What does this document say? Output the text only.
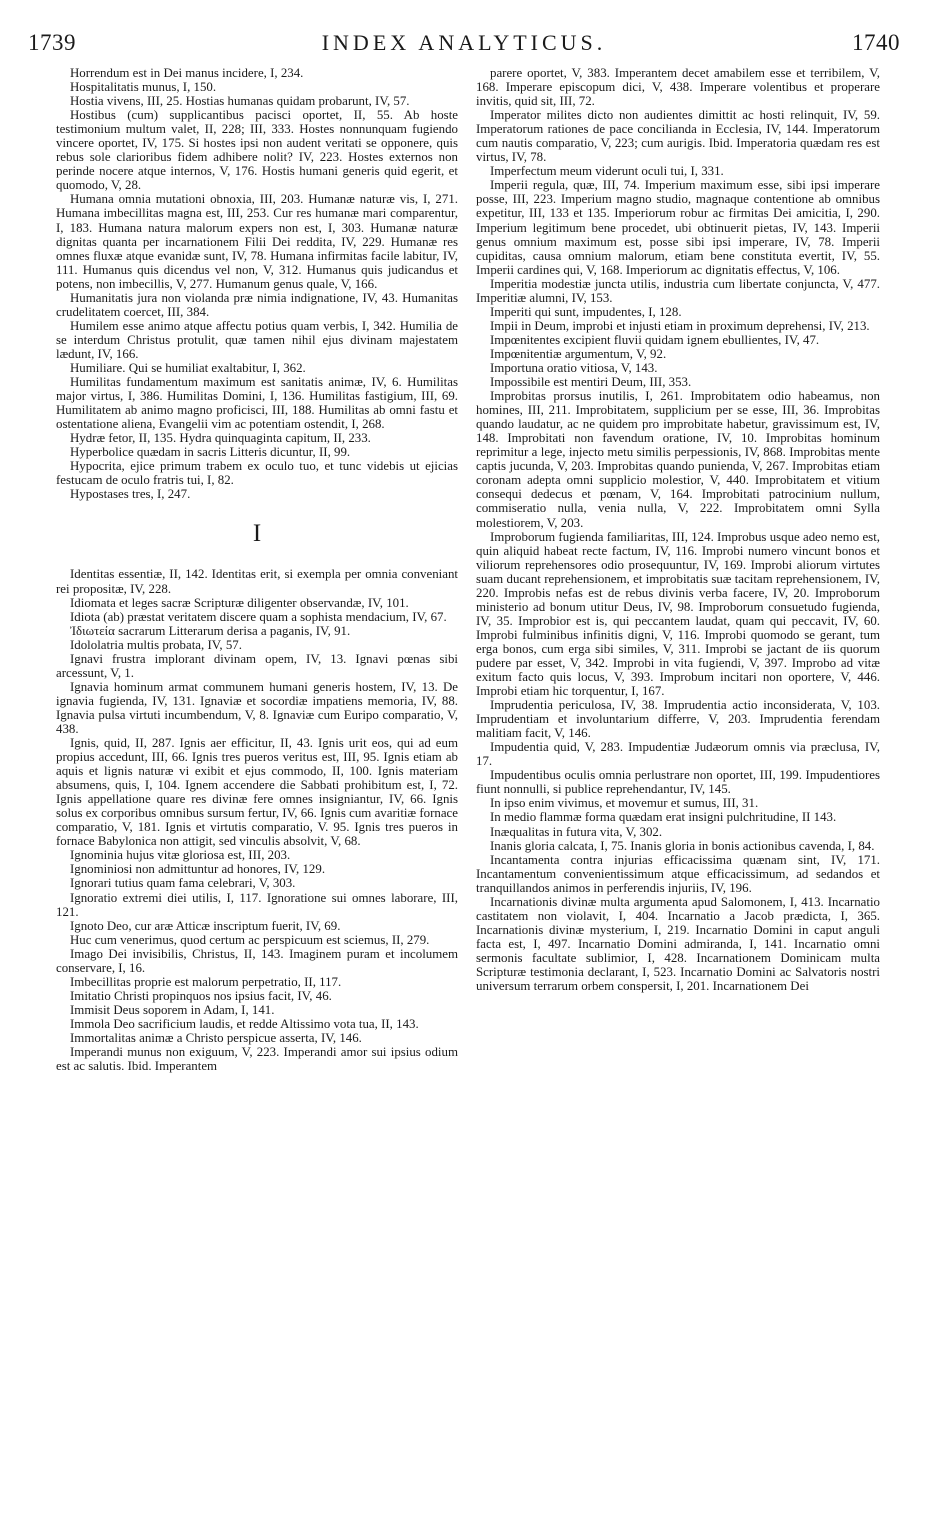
1739	INDEX ANALYTICUS.	1740

Horrendum est in Dei manus incidere, I, 234.

Hospitalitatis munus, I, 150.

Hostia vivens, III, 25. Hostias humanas quidam probarunt, IV, 57.

Hostibus (cum) supplicantibus pacisci oportet, II, 55. Ab hoste testimonium multum valet, II, 228; III, 333. Hostes nonnunquam fugiendo vincere oportet, IV, 175. Si hostes ipsi non audent veritati se opponere, quis rebus sole clarioribus fidem adhibere nolit? IV, 223. Hostes externos non perinde nocere atque internos, V, 176. Hostis humani generis quid egerit, et quomodo, V, 28.

Humana omnia mutationi obnoxia, III, 203. Humanæ naturæ vis, I, 271. Humana imbecillitas magna est, III, 253. Cur res humanæ mari comparentur, I, 183. Humana natura malorum expers non est, I, 303. Humanæ naturæ dignitas quanta per incarnationem Filii Dei reddita, IV, 229. Humanæ res omnes fluxæ atque evanidæ sunt, IV, 78. Humana infirmitas facile labitur, IV, 111. Humanus quis dicendus vel non, V, 312. Humanus quis judicandus et potens, non imbecillis, V, 277. Humanum genus quale, V, 166.

Humanitatis jura non violanda præ nimia indignatione, IV, 43. Humanitas crudelitatem coercet, III, 384.

Humilem esse animo atque affectu potius quam verbis, I, 342. Humilia de se interdum Christus protulit, quæ tamen nihil ejus divinam majestatem lædunt, IV, 166.

Humiliare. Qui se humiliat exaltabitur, I, 362.

Humilitas fundamentum maximum est sanitatis animæ, IV, 6. Humilitas major virtus, I, 386. Humilitas Domini, I, 136. Humilitas fastigium, III, 69. Humilitatem ab animo magno proficisci, III, 188. Humilitas ab omni fastu et ostentatione aliena, Evangelii vim ac potentiam ostendit, I, 268.

Hydræ fetor, II, 135. Hydra quinquaginta capitum, II, 233.

Hyperbolice quædam in sacris Litteris dicuntur, II, 99.

Hypocrita, ejice primum trabem ex oculo tuo, et tunc videbis ut ejicias festucam de oculo fratris tui, I, 82.

Hypostases tres, I, 247.

I

Identitas essentiæ, II, 142. Identitas erit, si exempla per omnia conveniant rei propositæ, IV, 228.

Idiomata et leges sacræ Scripturæ diligenter observandæ, IV, 101.

Idiota (ab) præstat veritatem discere quam a sophista mendacium, IV, 67.

Ἰδιωτεία sacrarum Litterarum derisa a paganis, IV, 91.

Idololatria multis probata, IV, 57.

Ignavi frustra implorant divinam opem, IV, 13. Ignavi pœnas sibi arcessunt, V, 1.

Ignavia hominum armat communem humani generis hostem, IV, 13. De ignavia fugienda, IV, 131. Ignaviæ et socordiæ impatiens memoria, IV, 88. Ignavia pulsa virtuti incumbendum, V, 8. Ignaviæ cum Euripo comparatio, V, 438.

Ignis, quid, II, 287. Ignis aer efficitur, II, 43. Ignis urit eos, qui ad eum propius accedunt, III, 66. Ignis tres pueros veritus est, III, 95. Ignis etiam ab aquis et lignis naturæ vi exibit et ejus commodo, II, 100. Ignis materiam absumens, quis, I, 104. Ignem accendere die Sabbati prohibitum est, I, 72. Ignis appellatione quare res divinæ fere omnes insigniantur, IV, 66. Ignis solus ex corporibus omnibus sursum fertur, IV, 66. Ignis cum avaritiæ fornace comparatio, V, 181. Ignis et virtutis comparatio, V. 95. Ignis tres pueros in fornace Babylonica non attigit, sed vinculis absolvit, V, 68.

Ignominia hujus vitæ gloriosa est, III, 203.

Ignominiosi non admittuntur ad honores, IV, 129.

Ignorari tutius quam fama celebrari, V, 303.

Ignoratio extremi diei utilis, I, 117. Ignoratione sui omnes laborare, III, 121.

Ignoto Deo, cur aræ Atticæ inscriptum fuerit, IV, 69.

Huc cum venerimus, quod certum ac perspicuum est sciemus, II, 279.

Imago Dei invisibilis, Christus, II, 143. Imaginem puram et incolumem conservare, I, 16.

Imbecillitas proprie est malorum perpetratio, II, 117.

Imitatio Christi propinquos nos ipsius facit, IV, 46.

Immisit Deus soporem in Adam, I, 141.

Immola Deo sacrificium laudis, et redde Altissimo vota tua, II, 143.

Immortalitas animæ a Christo perspicue asserta, IV, 146.

Imperandi munus non exiguum, V, 223. Imperandi amor sui ipsius odium est ac salutis. Ibid. Imperantem

parere oportet, V, 383. Imperantem decet amabilem esse et terribilem, V, 168. Imperare episcopum dici, V, 438. Imperare volentibus et properare invitis, quid sit, III, 72.

Imperator milites dicto non audientes dimittit ac hosti relinquit, IV, 59. Imperatorum rationes de pace concilianda in Ecclesia, IV, 144. Imperatorum cum nautis comparatio, V, 223; cum aurigis. Ibid. Imperatoria quædam res est virtus, IV, 78.

Imperfectum meum viderunt oculi tui, I, 331.

Imperii regula, quæ, III, 74. Imperium maximum esse, sibi ipsi imperare posse, III, 223. Imperium magno studio, magnaque contentione ab omnibus expetitur, III, 133 et 135. Imperiorum robur ac firmitas Dei amicitia, I, 290. Imperium legitimum bene procedet, ubi obtinuerit pietas, IV, 143. Imperii genus omnium maximum est, posse sibi ipsi imperare, IV, 78. Imperii cupiditas, causa omnium malorum, etiam bene constituta evertit, IV, 55. Imperii cardines qui, V, 168. Imperiorum ac dignitatis effectus, V, 106.

Imperitia modestiæ juncta utilis, industria cum libertate conjuncta, V, 477. Imperitiæ alumni, IV, 153.

Imperiti qui sunt, impudentes, I, 128.

Impii in Deum, improbi et injusti etiam in proximum deprehensi, IV, 213.

Impœnitentes excipient fluvii quidam ignem ebullientes, IV, 47.

Impœnitentiæ argumentum, V, 92.

Importuna oratio vitiosa, V, 143.

Impossibile est mentiri Deum, III, 353.

Improbitas prorsus inutilis, I, 261. Improbitatem odio habeamus, non homines, III, 211. Improbitatem, supplicium per se esse, III, 36. Improbitas quando laudatur, ac ne quidem pro improbitate habetur, gravissimum est, IV, 148. Improbitati non favendum oratione, IV, 10. Improbitas hominum reprimitur a lege, injecto metu similis perpessionis, IV, 868. Improbitas mente captis jucunda, V, 203. Improbitas quando punienda, V, 267. Improbitas etiam coronam adepta omni supplicio molestior, V, 440. Improbitatem et vitium consequi dedecus et pœnam, V, 164. Improbitati patrocinium nullum, commiseratio nulla, venia nulla, V, 222. Improbitatem omni Sylla molestiorem, V, 203.

Improborum fugienda familiaritas, III, 124. Improbus usque adeo nemo est, quin aliquid habeat recte factum, IV, 116. Improbi numero vincunt bonos et viliorum reprehensores odio prosequuntur, IV, 169. Improbi aliorum virtutes suam ducant reprehensionem, et improbitatis suæ tacitam reprehensionem, IV, 220. Improbis nefas est de rebus divinis verba facere, IV, 20. Improborum ministerio ad bonum utitur Deus, IV, 98. Improborum consuetudo fugienda, IV, 35. Improbior est is, qui peccantem laudat, quam qui peccavit, IV, 60. Improbi fulminibus infinitis digni, V, 116. Improbi quomodo se gerant, tum erga bonos, cum erga sibi similes, V, 311. Improbi se jactant de iis quorum pudere par esset, V, 342. Improbi in vita fugiendi, V, 397. Improbo ad vitæ exitum facto quis locus, V, 393. Improbum incitari non oportere, V, 446. Improbi etiam hic torquentur, I, 167.

Imprudentia periculosa, IV, 38. Imprudentia actio inconsiderata, V, 103. Imprudentiam et involuntarium differre, V, 203. Imprudentia ferendam malitiam facit, V, 146.

Impudentia quid, V, 283. Impudentiæ Judæorum omnis via præclusa, IV, 17.

Impudentibus oculis omnia perlustrare non oportet, III, 199. Impudentiores fiunt nonnulli, si publice reprehendantur, IV, 145.

In ipso enim vivimus, et movemur et sumus, III, 31.

In medio flammæ forma quædam erat insigni pulchritudine, II 143.

Inæqualitas in futura vita, V, 302.

Inanis gloria calcata, I, 75. Inanis gloria in bonis actionibus cavenda, I, 84.

Incantamenta contra injurias efficacissima quænam sint, IV, 171. Incantamentum convenientissimum atque efficacissimum, ad sedandos et tranquillandos animos in perferendis injuriis, IV, 196.

Incarnationis divinæ multa argumenta apud Salomonem, I, 413. Incarnatio castitatem non violavit, I, 404. Incarnatio a Jacob prædicta, I, 365. Incarnationis divinæ mysterium, I, 219. Incarnatio Domini in caput anguli facta est, I, 497. Incarnatio Domini admiranda, I, 141. Incarnatio omni sermonis facultate sublimior, I, 428. Incarnationem Dominicam multa Scripturæ testimonia declarant, I, 523. Incarnatio Domini ac Salvatoris nostri universum terrarum orbem conspersit, I, 201. Incarnationem Dei
